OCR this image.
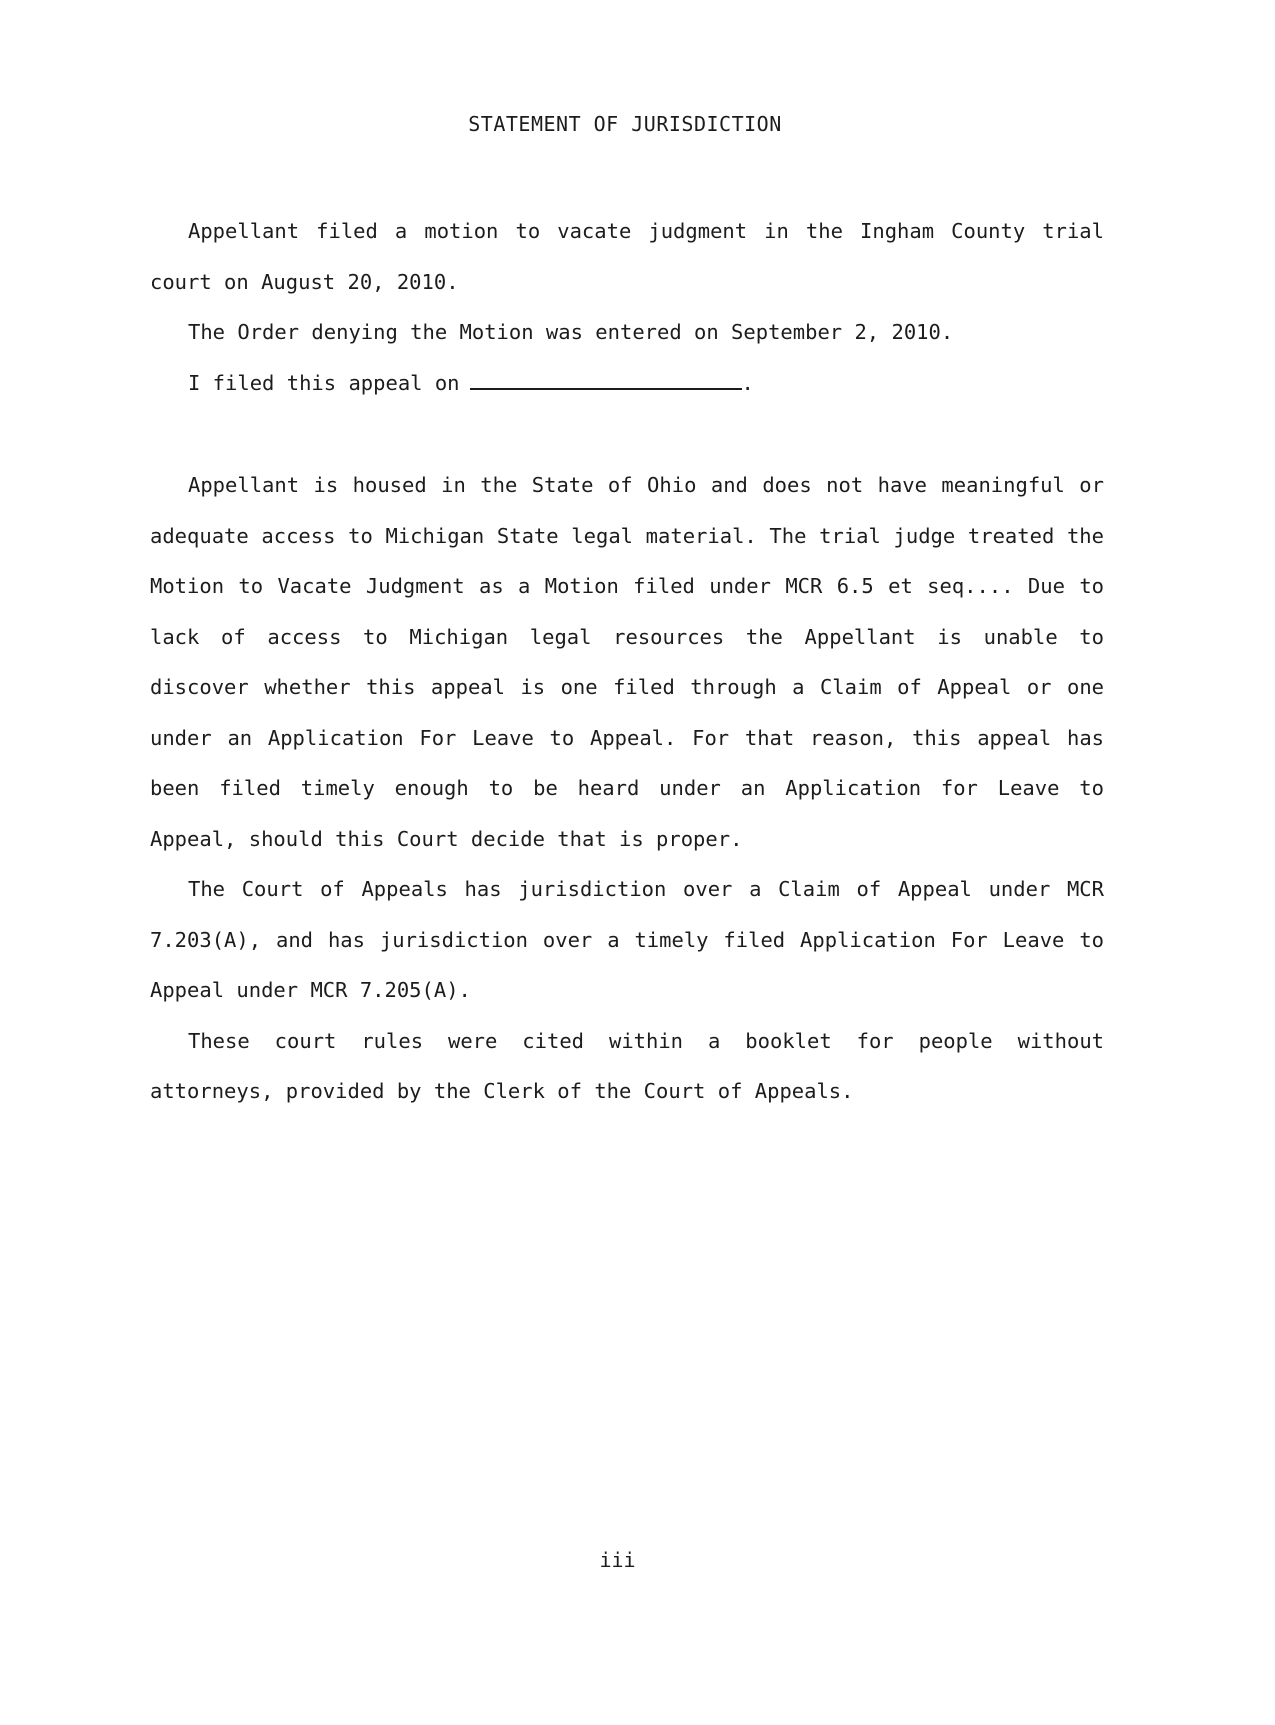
STATEMENT OF JURISDICTION

Appellant filed a motion to vacate judgment in the Ingham County trial court on August 20, 2010.

The Order denying the Motion was entered on September 2, 2010.

I filed this appeal on	.

Appellant is housed in the State of Ohio and does not have meaningful or adequate access to Michigan State legal material. The trial judge treated the Motion to Vacate Judgment as a Motion filed under MCR 6.5 et seq.... Due to lack of access to Michigan legal resources the Appellant is unable to discover whether this appeal is one filed through a Claim of Appeal or one under an Application For Leave to Appeal. For that reason, this appeal has been filed timely enough to be heard under an Application for Leave to Appeal, should this Court decide that is proper.

The Court of Appeals has jurisdiction over a Claim of Appeal under MCR 7.203(A), and has jurisdiction over a timely filed Application For Leave to Appeal under MCR 7.205(A).

These court rules were cited within a booklet for people without attorneys, provided by the Clerk of the Court of Appeals.

iii
